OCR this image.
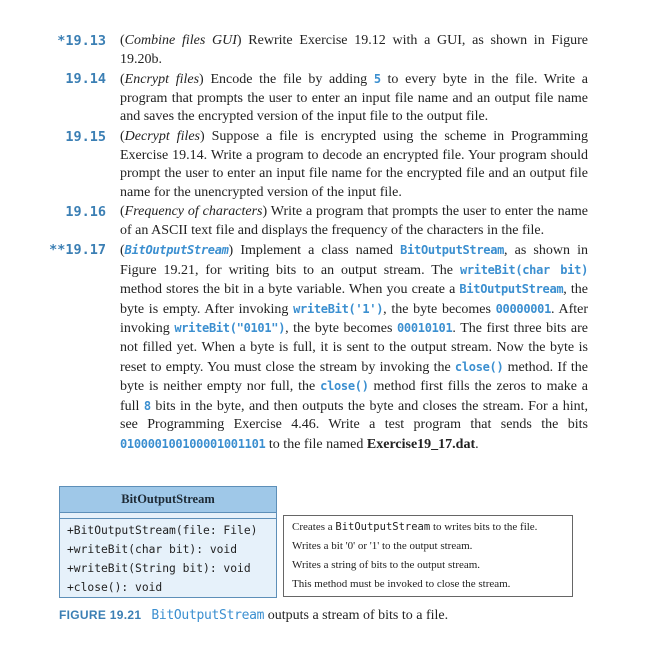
*19.13 (Combine files GUI) Rewrite Exercise 19.12 with a GUI, as shown in Figure 19.20b.
19.14 (Encrypt files) Encode the file by adding 5 to every byte in the file. Write a program that prompts the user to enter an input file name and an output file name and saves the encrypted version of the input file to the output file.
19.15 (Decrypt files) Suppose a file is encrypted using the scheme in Programming Exercise 19.14. Write a program to decode an encrypted file. Your program should prompt the user to enter an input file name for the encrypted file and an output file name for the unencrypted version of the input file.
19.16 (Frequency of characters) Write a program that prompts the user to enter the name of an ASCII text file and displays the frequency of the characters in the file.
**19.17 (BitOutputStream) Implement a class named BitOutputStream, as shown in Figure 19.21, for writing bits to an output stream. The writeBit(char bit) method stores the bit in a byte variable. When you create a BitOutputStream, the byte is empty. After invoking writeBit('1'), the byte becomes 00000001. After invoking writeBit("0101"), the byte becomes 00010101. The first three bits are not filled yet. When a byte is full, it is sent to the output stream. Now the byte is reset to empty. You must close the stream by invoking the close() method. If the byte is neither empty nor full, the close() method first fills the zeros to make a full 8 bits in the byte, and then outputs the byte and closes the stream. For a hint, see Programming Exercise 4.46. Write a test program that sends the bits 010000100100001001101 to the file named Exercise19_17.dat.
BitOutputStream
+BitOutputStream(file: File)
+writeBit(char bit): void
+writeBit(String bit): void
+close(): void
Creates a BitOutputStream to writes bits to the file.
Writes a bit '0' or '1' to the output stream.
Writes a string of bits to the output stream.
This method must be invoked to close the stream.
FIGURE 19.21 BitOutputStream outputs a stream of bits to a file.
